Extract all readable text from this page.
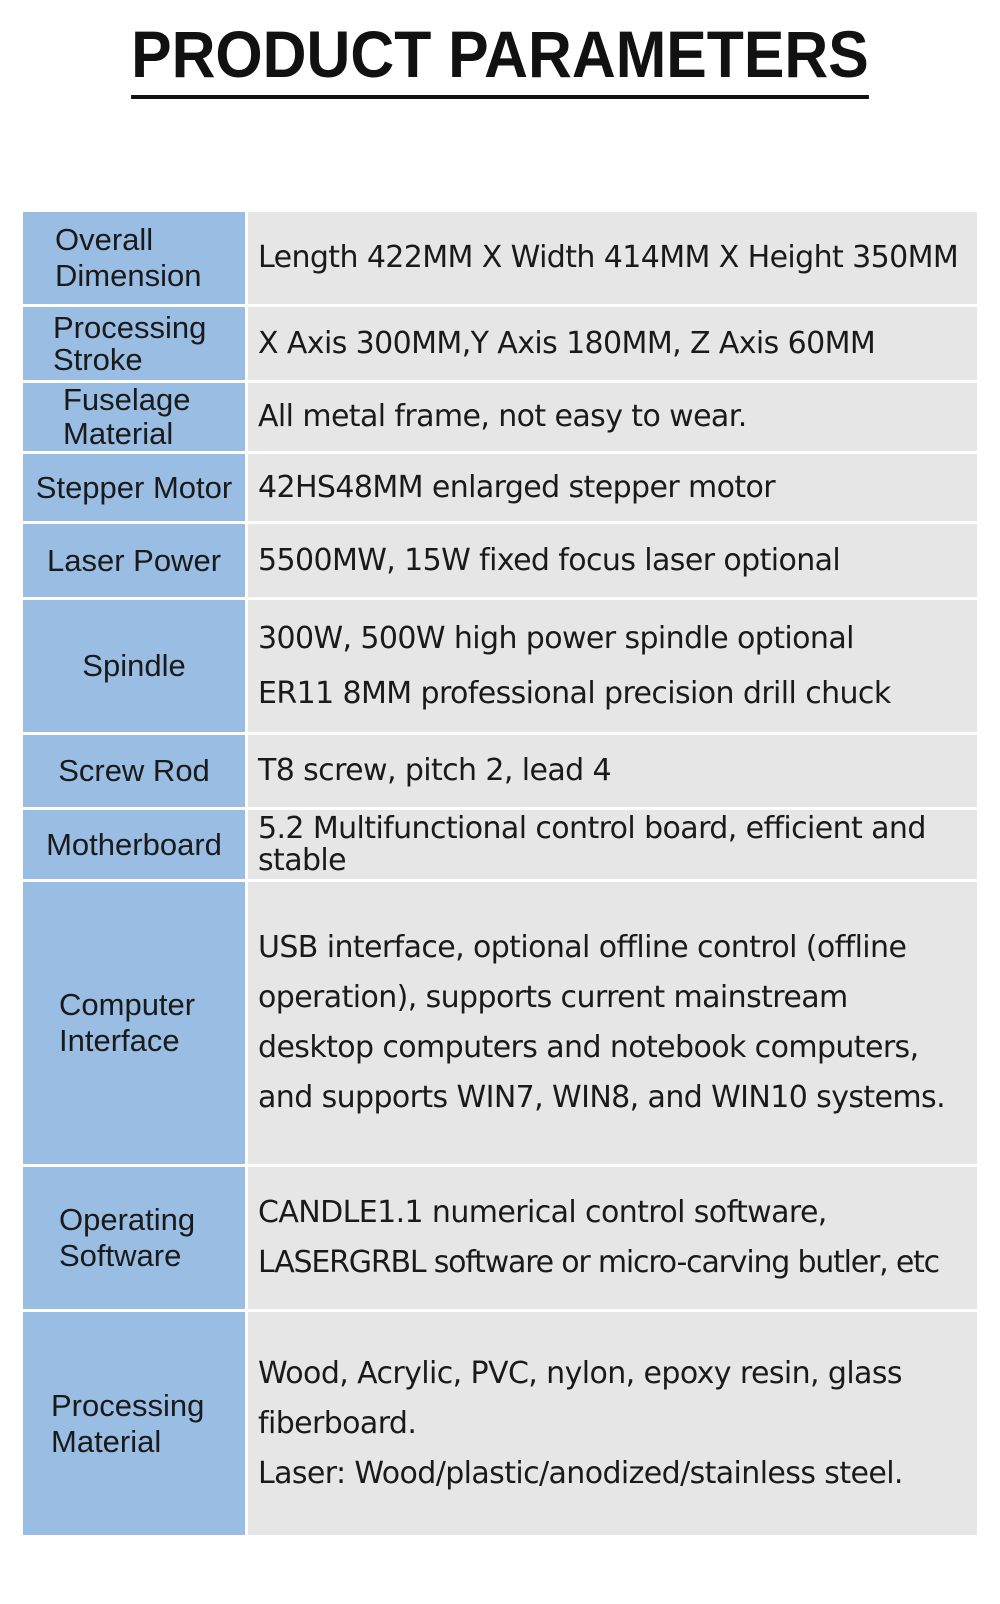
PRODUCT PARAMETERS
Overall Dimension
Length 422MM X Width 414MM X Height 350MM
Processing Stroke	X Axis 300MM,Y Axis 180MM, Z Axis 60MM
Fuselage Material	All metal frame, not easy to wear.
Stepper Motor 42HS48MM enlarged stepper motor
Laser Power 5500MW, 15W fixed focus laser optional
Spindle
300W, 500W high power spindle optional
ER11 8MM professional precision drill chuck
Screw Rod T8 screw, pitch 2, lead 4
Motherboard 5.2 Multifunctional control board, efficient and stable
Computer Interface
USB interface, optional offline control (offline
operation), supports current mainstream
desktop computers and notebook computers,
and supports WIN7, WIN8, and WIN10 systems.
Operating Software
CANDLE1.1 numerical control software,
LASERGRBL software or micro-carving butler, etc
Processing Material
Wood, Acrylic, PVC, nylon, epoxy resin, glass
fiberboard.
Laser: Wood/plastic/anodized/stainless steel.
